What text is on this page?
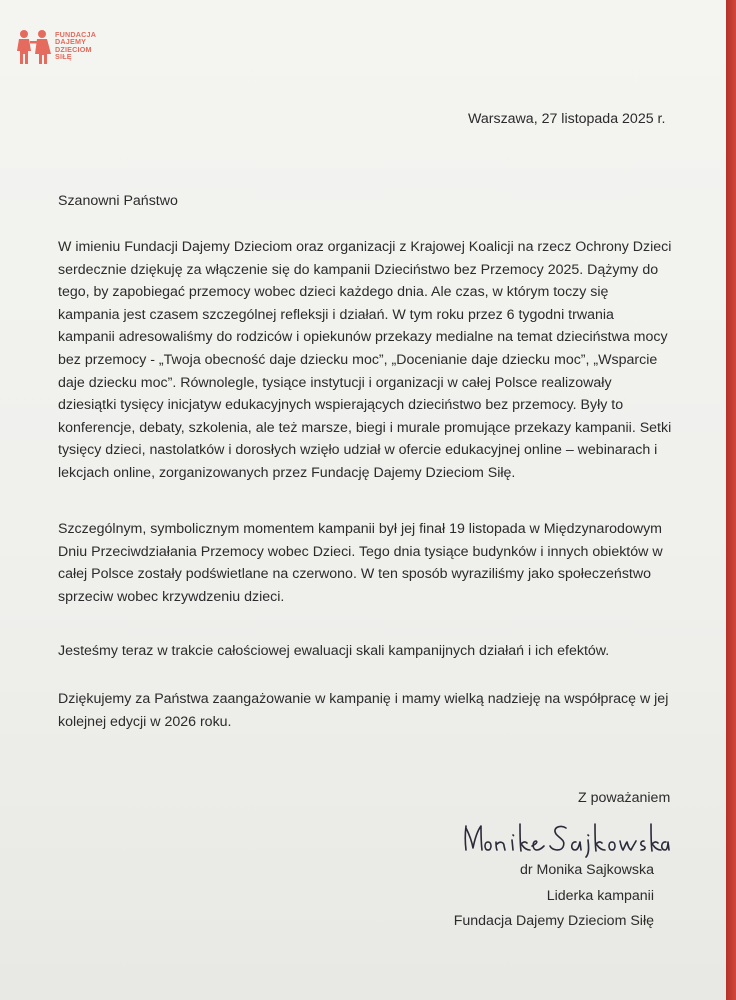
FUNDACJA
DAJEMY
DZIECIOM
SIŁĘ
Warszawa, 27 listopada 2025 r.
Szanowni Państwo
W imieniu Fundacji Dajemy Dzieciom oraz organizacji z Krajowej Koalicji na rzecz Ochrony Dzieci serdecznie dziękuję za włączenie się do kampanii Dzieciństwo bez Przemocy 2025. Dążymy do tego, by zapobiegać przemocy wobec dzieci każdego dnia. Ale czas, w którym toczy się kampania jest czasem szczególnej refleksji i działań. W tym roku przez 6 tygodni trwania kampanii adresowaliśmy do rodziców i opiekunów przekazy medialne na temat dzieciństwa mocy bez przemocy - „Twoja obecność daje dziecku moc”, „Docenianie daje dziecku moc”, „Wsparcie daje dziecku moc”. Równolegle, tysiące instytucji i organizacji w całej Polsce realizowały dziesiątki tysięcy inicjatyw edukacyjnych wspierających dzieciństwo bez przemocy. Były to konferencje, debaty, szkolenia, ale też marsze, biegi i murale promujące przekazy kampanii. Setki tysięcy dzieci, nastolatków i dorosłych wzięło udział w ofercie edukacyjnej online – webinarach i lekcjach online, zorganizowanych przez Fundację Dajemy Dzieciom Siłę.
Szczególnym, symbolicznym momentem kampanii był jej finał 19 listopada w Międzynarodowym Dniu Przeciwdziałania Przemocy wobec Dzieci. Tego dnia tysiące budynków i innych obiektów w całej Polsce zostały podświetlane na czerwono. W ten sposób wyraziliśmy jako społeczeństwo sprzeciw wobec krzywdzeniu dzieci.
Jesteśmy teraz w trakcie całościowej ewaluacji skali kampanijnych działań i ich efektów.
Dziękujemy za Państwa zaangażowanie w kampanię i mamy wielką nadzieję na współpracę w jej kolejnej edycji w 2026 roku.
Z poważaniem
dr Monika Sajkowska
Liderka kampanii
Fundacja Dajemy Dzieciom Siłę
